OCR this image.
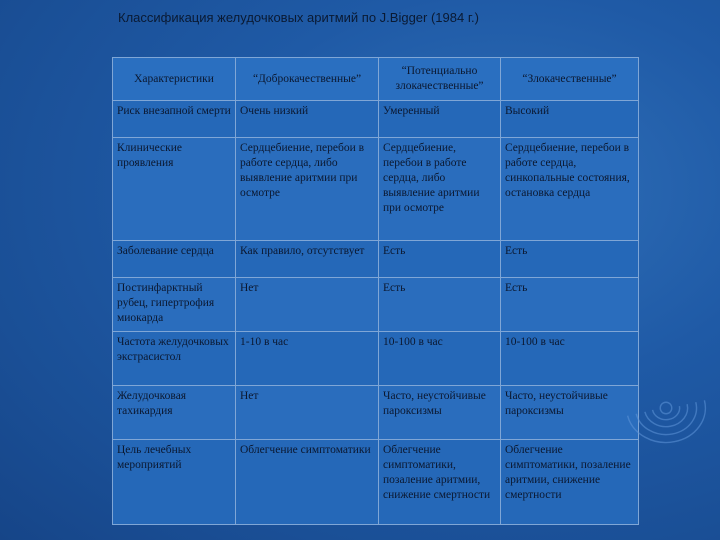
Классификация желудочковых аритмий по J.Bigger (1984 г.)
Характеристики	“Доброкачественные”	“Потенциально злокачественные”	“Злокачественные”
Риск внезапной смерти	Очень низкий	Умеренный	Высокий
Клинические проявления	Сердцебиение, перебои в работе сердца, либо выявление аритмии при осмотре	Сердцебиение, перебои в работе сердца, либо выявление аритмии при осмотре	Сердцебиение, перебои в работе сердца, синкопальные состояния, остановка сердца
Заболевание сердца	Как правило, отсутствует	Есть	Есть
Постинфарктный рубец, гипертрофия миокарда	Нет	Есть	Есть
Частота желудочковых экстрасистол	1-10 в час	10-100 в час	10-100 в час
Желудочковая тахикардия	Нет	Часто, неустойчивые пароксизмы	Часто, неустойчивые пароксизмы
Цель лечебных мероприятий	Облегчение симптоматики	Облегчение симптоматики, позаление аритмии, снижение смертности	Облегчение симптоматики, позаление аритмии, снижение смертности
